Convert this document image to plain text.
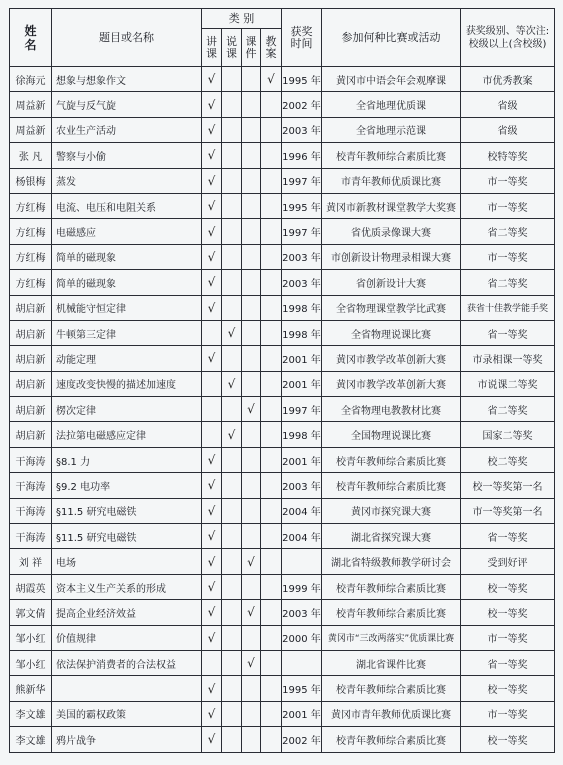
姓名	题目或名称	类 别				获奖时间	参加何种比赛或活动	获奖级别、等次注:校级以上(含校级)
		讲课	说课	课件	教案			
徐海元	想象与想象作文	√			√	1995 年	黄冈市中语会年会观摩课	市优秀教案
周益新	气旋与反气旋	√				2002 年	全省地理优质课	省级
周益新	农业生产活动	√				2003 年	全省地理示范课	省级
张 凡	警察与小偷	√				1996 年	校青年教师综合素质比赛	校特等奖
杨银梅	蒸发	√				1997 年	市青年教师优质课比赛	市一等奖
方红梅	电流、电压和电阻关系	√				1995 年	黄冈市新教材课堂教学大奖赛	市一等奖
方红梅	电磁感应	√				1997 年	省优质录像课大赛	省二等奖
方红梅	简单的磁现象	√				2003 年	市创新设计物理录相课大赛	市一等奖
方红梅	简单的磁现象	√				2003 年	省创新设计大赛	省二等奖
胡启新	机械能守恒定律	√				1998 年	全省物理课堂教学比武赛	获省十佳教学能手奖
胡启新	牛顿第三定律		√			1998 年	全省物理说课比赛	省一等奖
胡启新	动能定理	√				2001 年	黄冈市教学改革创新大赛	市录相课一等奖
胡启新	速度改变快慢的描述加速度		√			2001 年	黄冈市教学改革创新大赛	市说课二等奖
胡启新	楞次定律			√		1997 年	全省物理电教教材比赛	省二等奖
胡启新	法拉第电磁感应定律		√			1998 年	全国物理说课比赛	国家二等奖
干海涛	§8.1 力	√				2001 年	校青年教师综合素质比赛	校二等奖
干海涛	§9.2 电功率	√				2003 年	校青年教师综合素质比赛	校一等奖第一名
干海涛	§11.5 研究电磁铁	√				2004 年	黄冈市探究课大赛	市一等奖第一名
干海涛	§11.5 研究电磁铁	√				2004 年	湖北省探究课大赛	省一等奖
刘 祥	电场	√		√			湖北省特级教师教学研讨会	受到好评
胡霞英	资本主义生产关系的形成	√				1999 年	校青年教师综合素质比赛	校一等奖
郭文倩	提高企业经济效益	√		√		2003 年	校青年教师综合素质比赛	校一等奖
邹小红	价值规律	√				2000 年	黄冈市“三改两落实”优质课比赛	市一等奖
邹小红	依法保护消费者的合法权益			√			湖北省课件比赛	省一等奖
熊新华		√				1995 年	校青年教师综合素质比赛	校一等奖
李文雄	美国的霸权政策	√				2001 年	黄冈市青年教师优质课比赛	市一等奖
李文雄	鸦片战争	√				2002 年	校青年教师综合素质比赛	校一等奖
